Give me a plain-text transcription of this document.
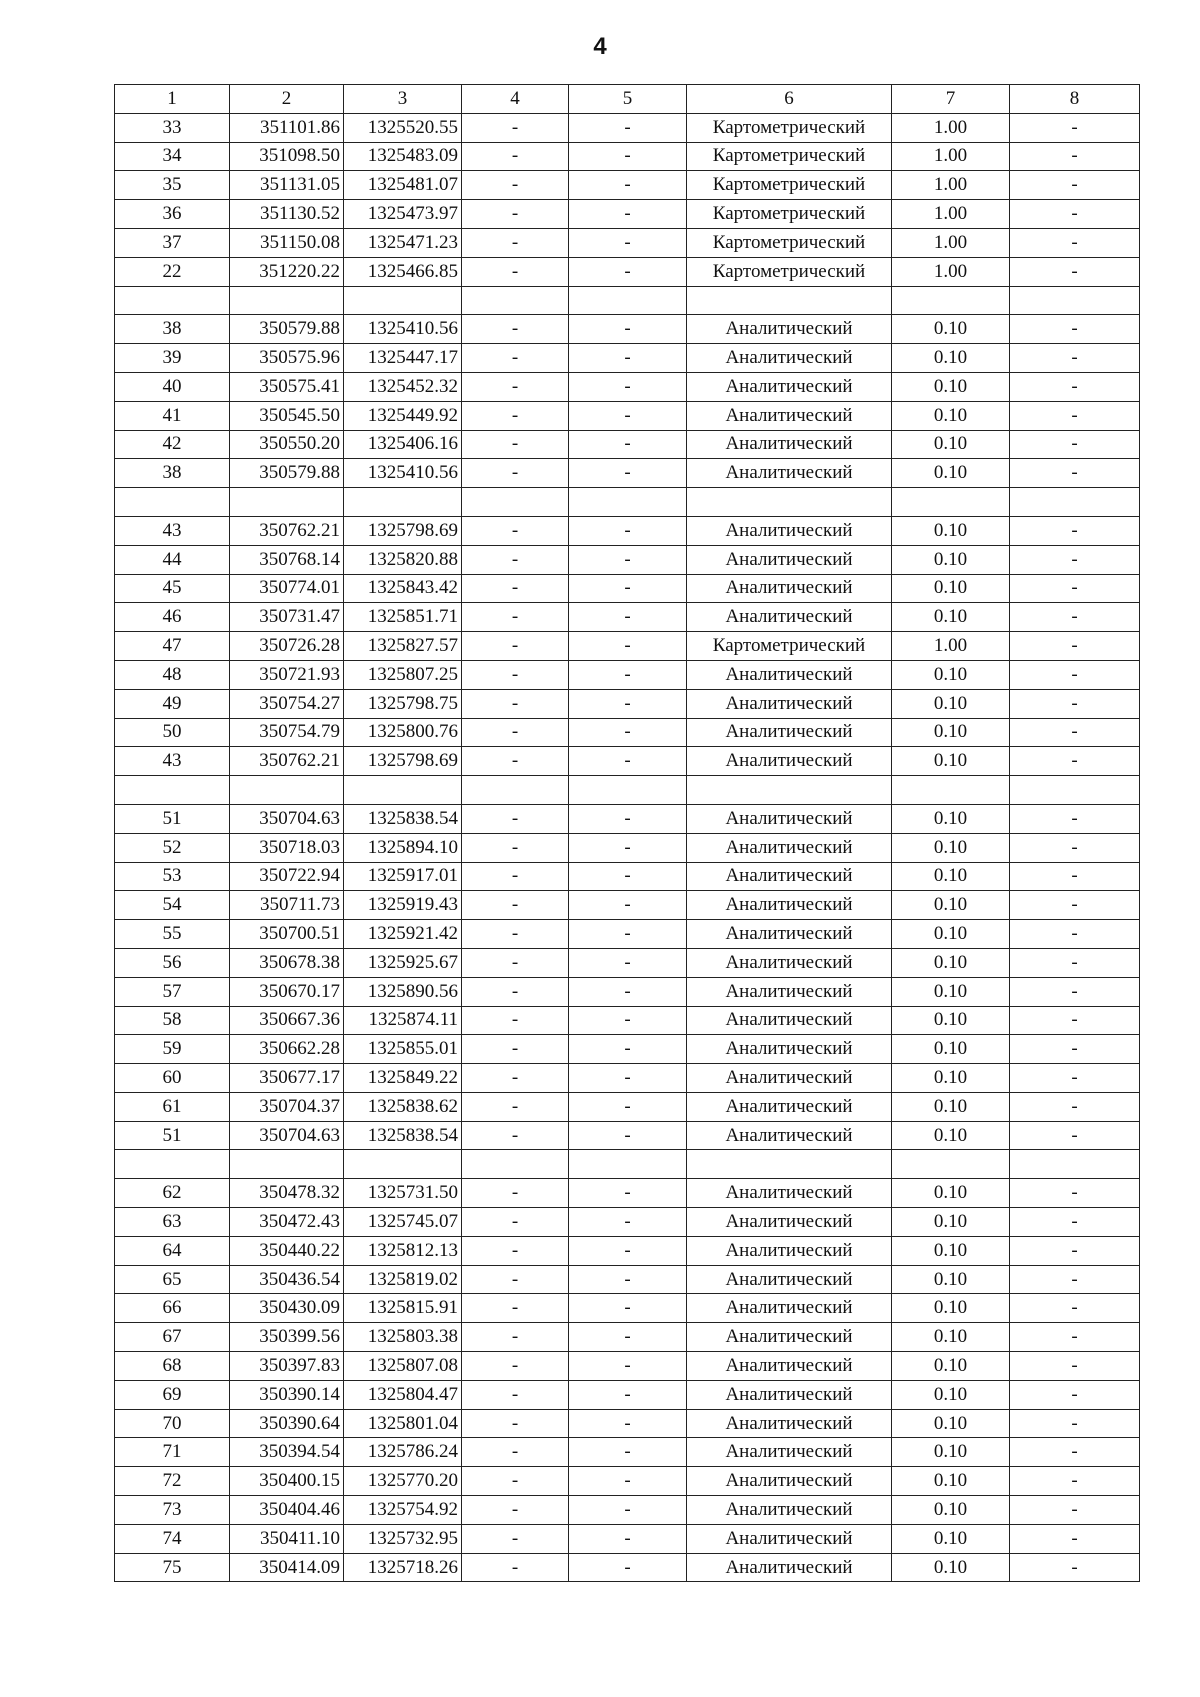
4
1	2	3	4	5	6	7	8
33	351101.86	1325520.55	-	-	Картометрический	1.00	-
34	351098.50	1325483.09	-	-	Картометрический	1.00	-
35	351131.05	1325481.07	-	-	Картометрический	1.00	-
36	351130.52	1325473.97	-	-	Картометрический	1.00	-
37	351150.08	1325471.23	-	-	Картометрический	1.00	-
22	351220.22	1325466.85	-	-	Картометрический	1.00	-

38	350579.88	1325410.56	-	-	Аналитический	0.10	-
39	350575.96	1325447.17	-	-	Аналитический	0.10	-
40	350575.41	1325452.32	-	-	Аналитический	0.10	-
41	350545.50	1325449.92	-	-	Аналитический	0.10	-
42	350550.20	1325406.16	-	-	Аналитический	0.10	-
38	350579.88	1325410.56	-	-	Аналитический	0.10	-

43	350762.21	1325798.69	-	-	Аналитический	0.10	-
44	350768.14	1325820.88	-	-	Аналитический	0.10	-
45	350774.01	1325843.42	-	-	Аналитический	0.10	-
46	350731.47	1325851.71	-	-	Аналитический	0.10	-
47	350726.28	1325827.57	-	-	Картометрический	1.00	-
48	350721.93	1325807.25	-	-	Аналитический	0.10	-
49	350754.27	1325798.75	-	-	Аналитический	0.10	-
50	350754.79	1325800.76	-	-	Аналитический	0.10	-
43	350762.21	1325798.69	-	-	Аналитический	0.10	-

51	350704.63	1325838.54	-	-	Аналитический	0.10	-
52	350718.03	1325894.10	-	-	Аналитический	0.10	-
53	350722.94	1325917.01	-	-	Аналитический	0.10	-
54	350711.73	1325919.43	-	-	Аналитический	0.10	-
55	350700.51	1325921.42	-	-	Аналитический	0.10	-
56	350678.38	1325925.67	-	-	Аналитический	0.10	-
57	350670.17	1325890.56	-	-	Аналитический	0.10	-
58	350667.36	1325874.11	-	-	Аналитический	0.10	-
59	350662.28	1325855.01	-	-	Аналитический	0.10	-
60	350677.17	1325849.22	-	-	Аналитический	0.10	-
61	350704.37	1325838.62	-	-	Аналитический	0.10	-
51	350704.63	1325838.54	-	-	Аналитический	0.10	-

62	350478.32	1325731.50	-	-	Аналитический	0.10	-
63	350472.43	1325745.07	-	-	Аналитический	0.10	-
64	350440.22	1325812.13	-	-	Аналитический	0.10	-
65	350436.54	1325819.02	-	-	Аналитический	0.10	-
66	350430.09	1325815.91	-	-	Аналитический	0.10	-
67	350399.56	1325803.38	-	-	Аналитический	0.10	-
68	350397.83	1325807.08	-	-	Аналитический	0.10	-
69	350390.14	1325804.47	-	-	Аналитический	0.10	-
70	350390.64	1325801.04	-	-	Аналитический	0.10	-
71	350394.54	1325786.24	-	-	Аналитический	0.10	-
72	350400.15	1325770.20	-	-	Аналитический	0.10	-
73	350404.46	1325754.92	-	-	Аналитический	0.10	-
74	350411.10	1325732.95	-	-	Аналитический	0.10	-
75	350414.09	1325718.26	-	-	Аналитический	0.10	-
